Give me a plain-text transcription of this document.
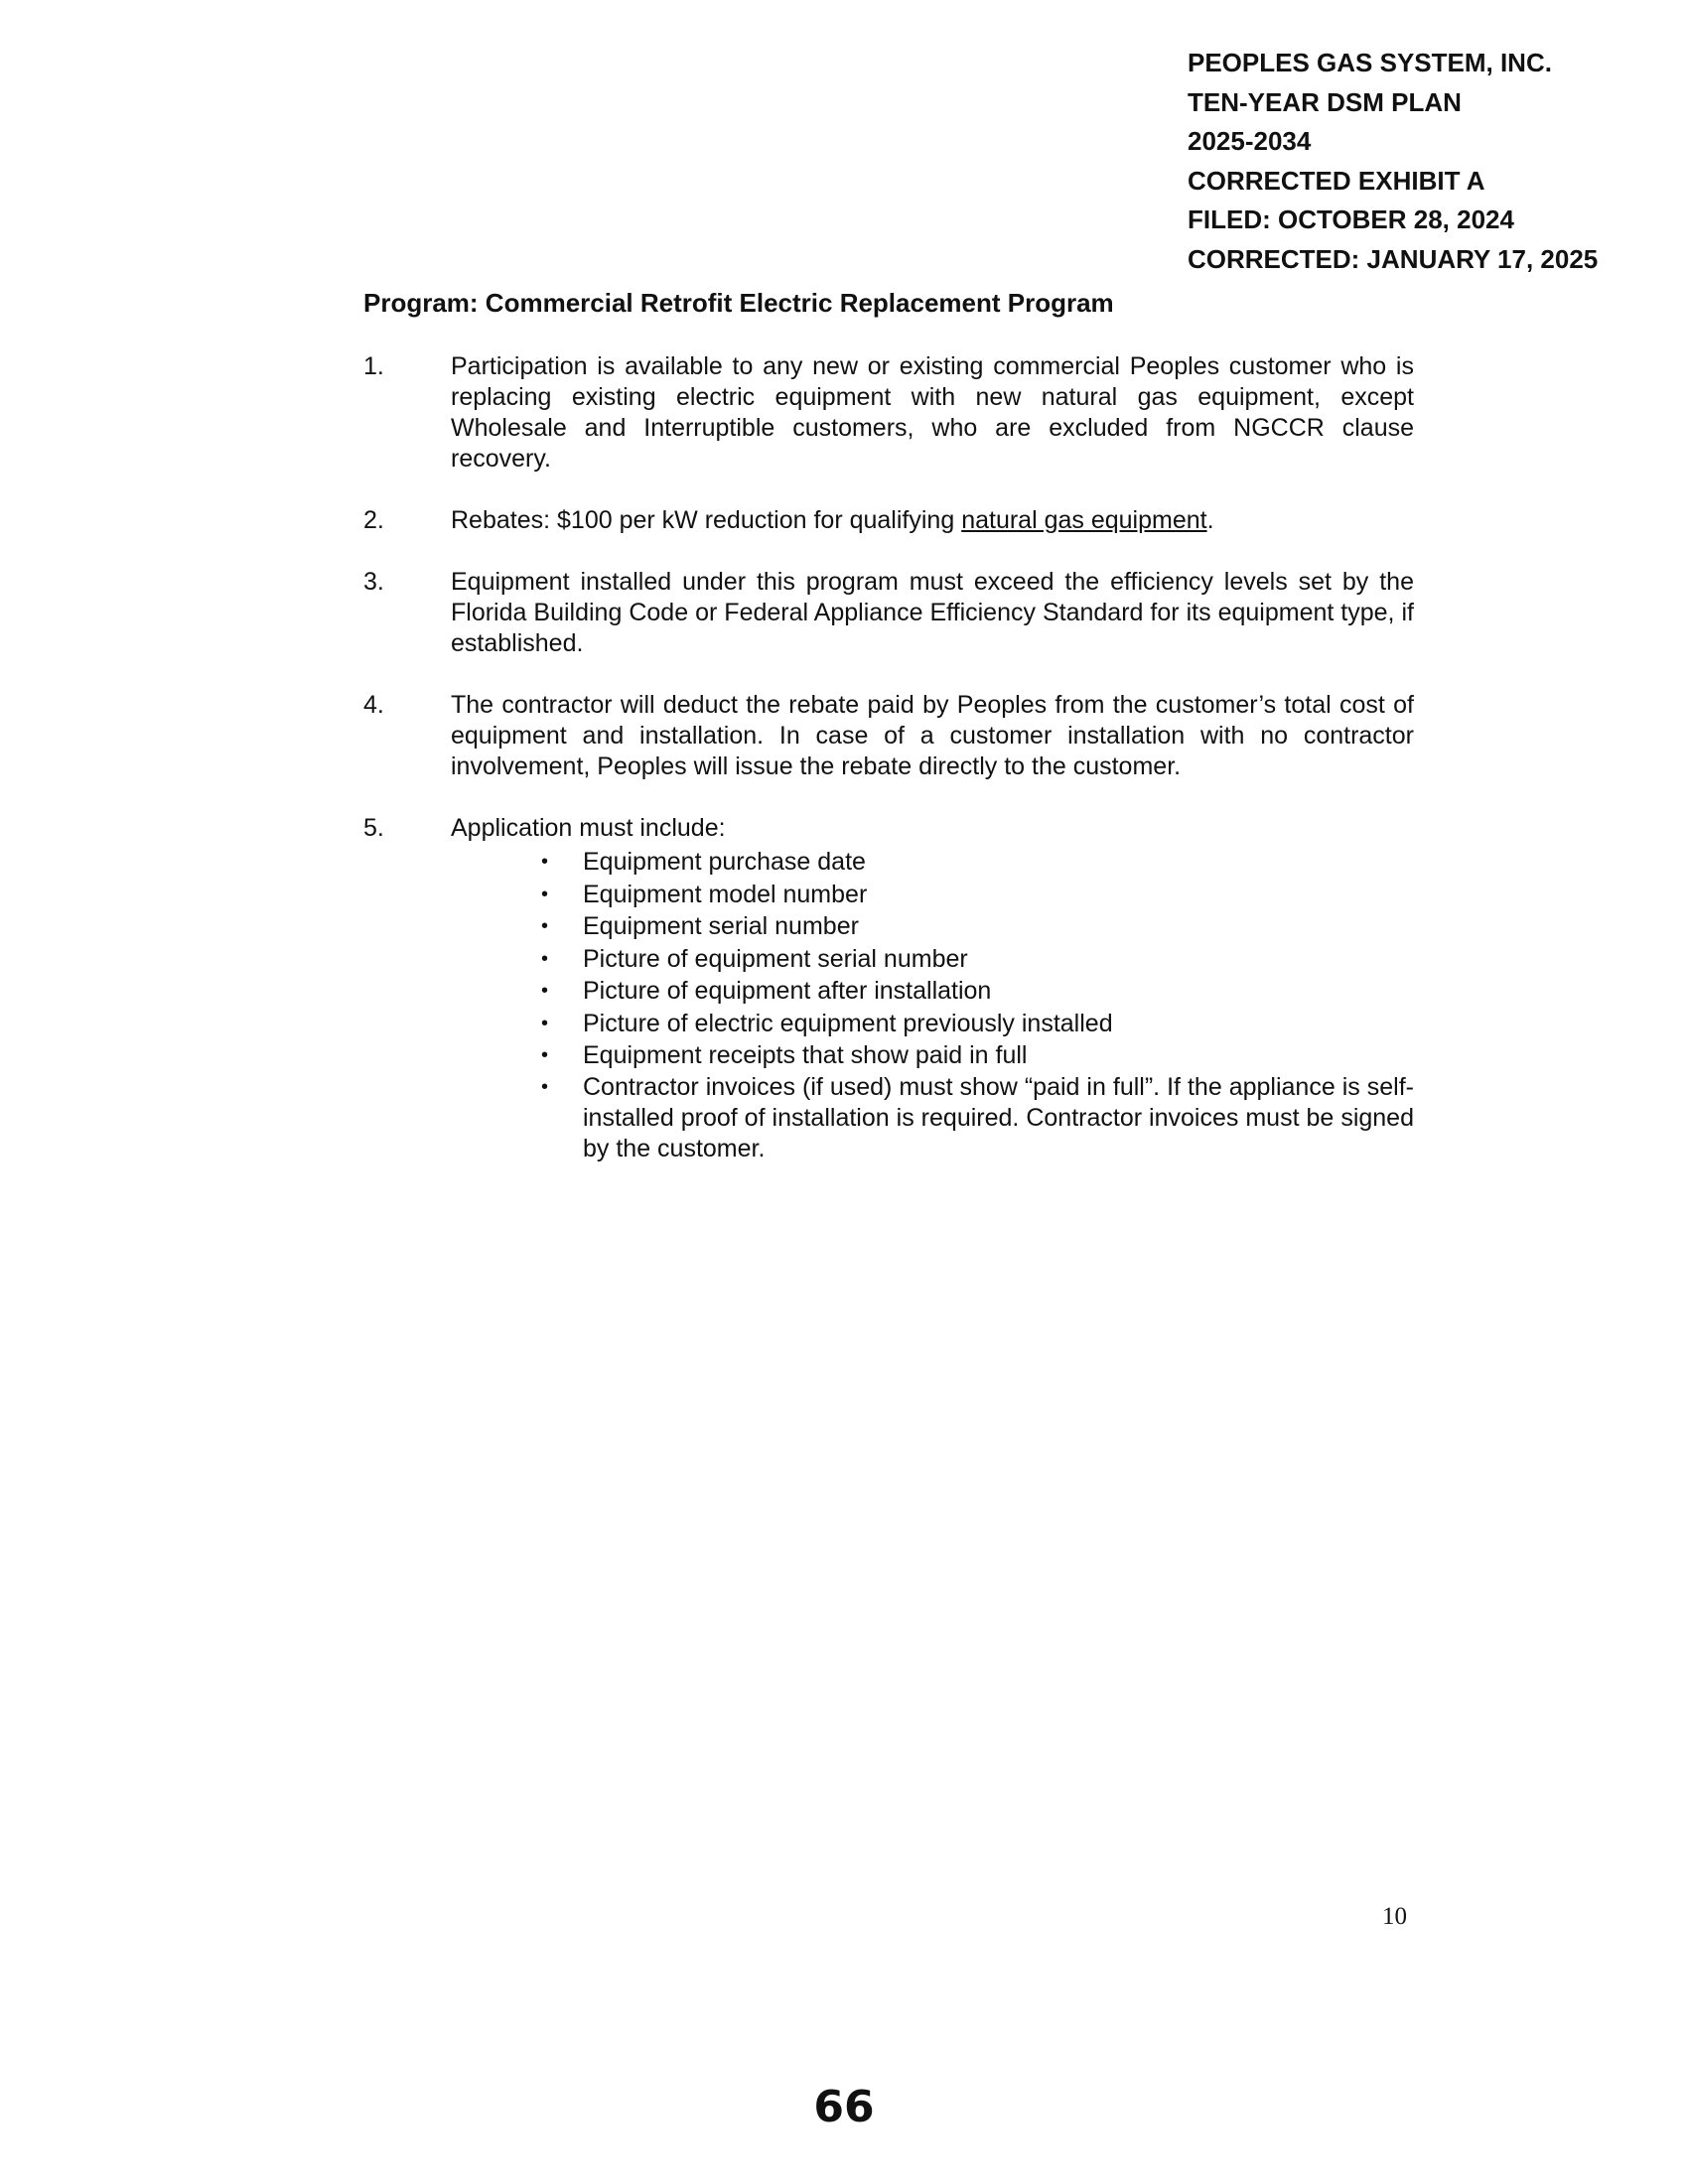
PEOPLES GAS SYSTEM, INC.
TEN-YEAR DSM PLAN
2025-2034
CORRECTED EXHIBIT A
FILED: OCTOBER 28, 2024
CORRECTED: JANUARY 17, 2025
Program: Commercial Retrofit Electric Replacement Program
1.	Participation is available to any new or existing commercial Peoples customer who is replacing existing electric equipment with new natural gas equipment, except Wholesale and Interruptible customers, who are excluded from NGCCR clause recovery.
2.	Rebates: $100 per kW reduction for qualifying natural gas equipment.
3.	Equipment installed under this program must exceed the efficiency levels set by the Florida Building Code or Federal Appliance Efficiency Standard for its equipment type, if established.
4.	The contractor will deduct the rebate paid by Peoples from the customer’s total cost of equipment and installation. In case of a customer installation with no contractor involvement, Peoples will issue the rebate directly to the customer.
5.	Application must include:
• Equipment purchase date
• Equipment model number
• Equipment serial number
• Picture of equipment serial number
• Picture of equipment after installation
• Picture of electric equipment previously installed
• Equipment receipts that show paid in full
• Contractor invoices (if used) must show “paid in full”. If the appliance is self-installed proof of installation is required. Contractor invoices must be signed by the customer.
10
66
